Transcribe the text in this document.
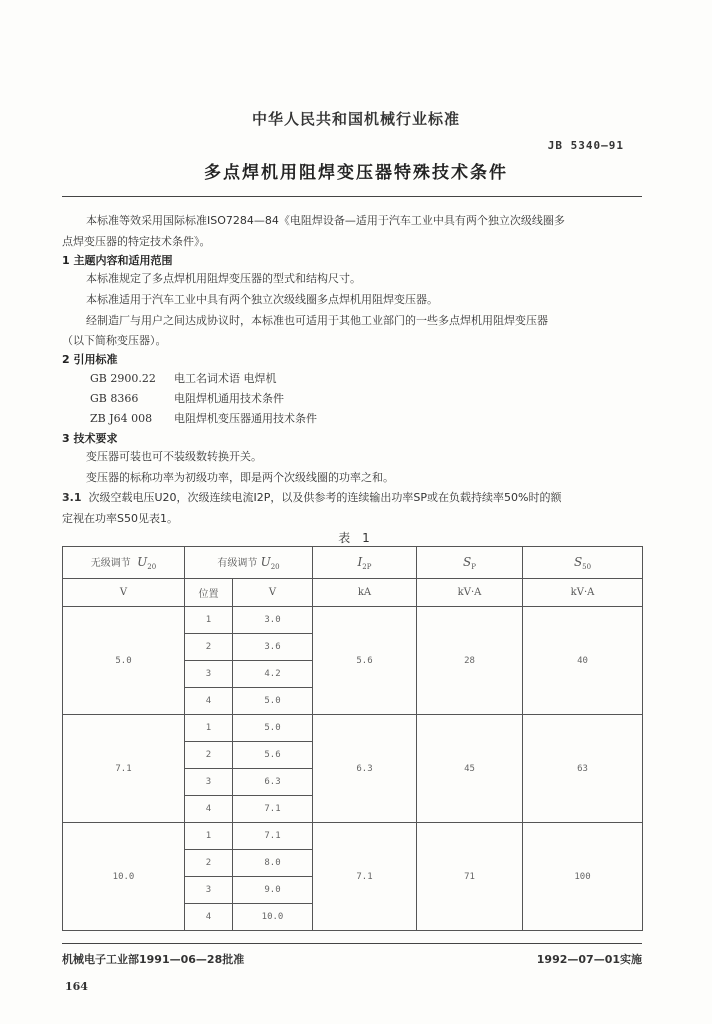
中华人民共和国机械行业标准
JB 5340—91
多点焊机用阻焊变压器特殊技术条件
本标准等效采用国际标准ISO7284—84《电阻焊设备—适用于汽车工业中具有两个独立次级线圈多
点焊变压器的特定技术条件》。
1 主题内容和适用范围
本标准规定了多点焊机用阻焊变压器的型式和结构尺寸。
本标准适用于汽车工业中具有两个独立次级线圈多点焊机用阻焊变压器。
经制造厂与用户之间达成协议时，本标准也可适用于其他工业部门的一些多点焊机用阻焊变压器
（以下简称变压器）。
2 引用标准
GB 2900.22 电工名词术语 电焊机
GB 8366	电阻焊机通用技术条件
ZB J64 008 电阻焊机变压器通用技术条件
3 技术要求
变压器可装也可不装级数转换开关。
变压器的标称功率为初级功率，即是两个次级线圈的功率之和。
3.1 次级空载电压U20，次级连续电流I2P，以及供参考的连续输出功率SP或在负载持续率50%时的额
定视在功率S50见表1。
表 1
无级调节 $U_{20}$	有级调节 $U_{20}$		$I_{2P}$	$S_P$	$S_{50}$
V	位置	V	kA	kV·A	kV·A
5.0	1	3.0	5.6	28	40
	2	3.6			
	3	4.2			
	4	5.0			
7.1	1	5.0	6.3	45	63
	2	5.6			
	3	6.3			
	4	7.1			
10.0	1	7.1	7.1	71	100
	2	8.0			
	3	9.0			
	4	10.0			
机械电子工业部1991—06—28批准	1992—07—01实施
164
